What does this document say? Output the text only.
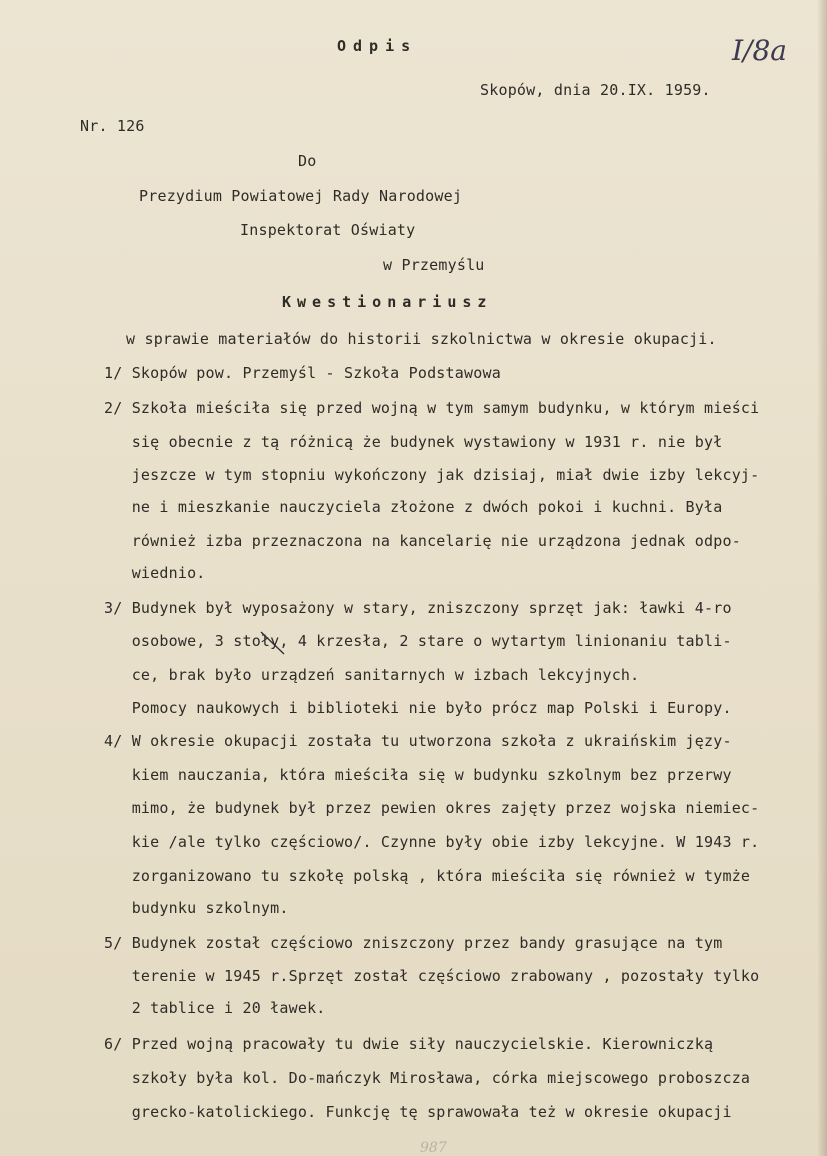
Odpis	I/8a
Skopów, dnia 20.IX. 1959.
Nr. 126
Do
Prezydium Powiatowej Rady Narodowej
Inspektorat Oświaty
w Przemyślu
Kwestionariusz
w sprawie materiałów do historii szkolnictwa w okresie okupacji.
1/ Skopów pow. Przemyśl - Szkoła Podstawowa
2/ Szkoła mieściła się przed wojną w tym samym budynku, w którym mieści
się obecnie z tą różnicą że budynek wystawiony w 1931 r. nie był
jeszcze w tym stopniu wykończony jak dzisiaj, miał dwie izby lekcyj-
ne i mieszkanie nauczyciela złożone z dwóch pokoi i kuchni. Była
również izba przeznaczona na kancelarię nie urządzona jednak odpo-
wiednio.
3/ Budynek był wyposażony w stary, zniszczony sprzęt jak: ławki 4-ro
osobowe, 3 stoły, 4 krzesła, 2 stare o wytartym linionaniu tabli-
ce, brak było urządzeń sanitarnych w izbach lekcyjnych.
Pomocy naukowych i biblioteki nie było prócz map Polski i Europy.
4/ W okresie okupacji została tu utworzona szkoła z ukraińskim języ-
kiem nauczania, która mieściła się w budynku szkolnym bez przerwy
mimo, że budynek był przez pewien okres zajęty przez wojska niemiec-
kie /ale tylko częściowo/. Czynne były obie izby lekcyjne. W 1943 r.
zorganizowano tu szkołę polską , która mieściła się również w tymże
budynku szkolnym.
5/ Budynek został częściowo zniszczony przez bandy grasujące na tym
terenie w 1945 r.Sprzęt został częściowo zrabowany , pozostały tylko
2 tablice i 20 ławek.
6/ Przed wojną pracowały tu dwie siły nauczycielskie. Kierowniczką
szkoły była kol. Do-mańczyk Mirosława, córka miejscowego proboszcza
grecko-katolickiego. Funkcję tę sprawowała też w okresie okupacji
987
